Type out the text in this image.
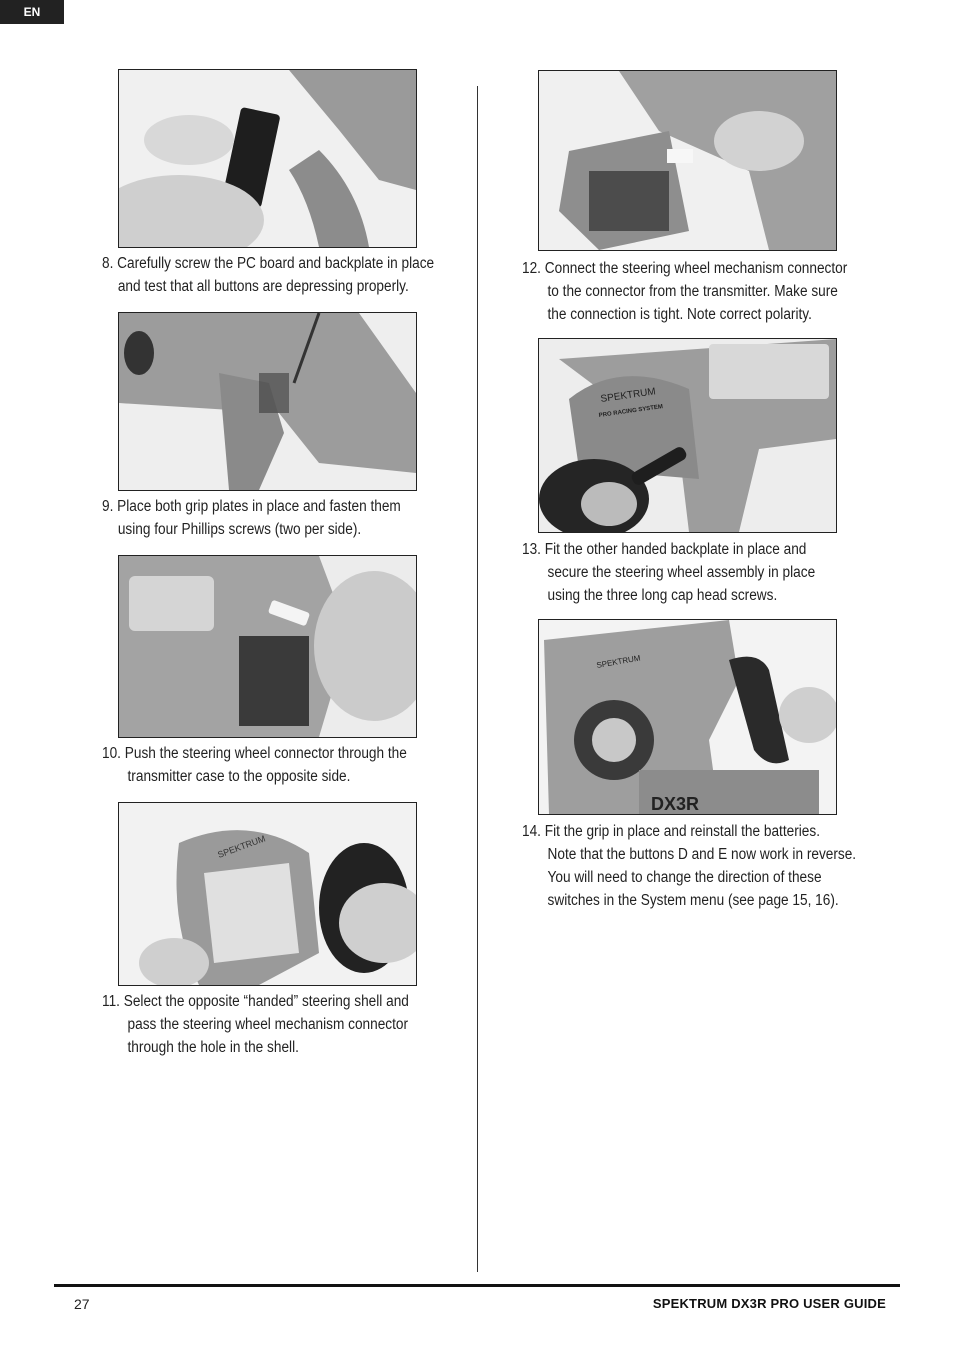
EN
8. Carefully screw the PC board and backplate in place
and test that all buttons are depressing properly.
9. Place both grip plates in place and fasten them
using four Phillips screws (two per side).
10. Push the steering wheel connector through the
transmitter case to the opposite side.
SPEKTRUM
11. Select the opposite “handed” steering shell and
pass the steering wheel mechanism connector
through the hole in the shell.
12. Connect the steering wheel mechanism connector
to the connector from the transmitter. Make sure
the connection is tight. Note correct polarity.
SPEKTRUM
PRO RACING SYSTEM
13. Fit the other handed backplate in place and
secure the steering wheel assembly in place
using the three long cap head screws.
SPEKTRUM
DX3R
14. Fit the grip in place and reinstall the batteries.
Note that the buttons D and E now work in reverse.
You will need to change the direction of these
switches in the System menu (see page 15, 16).
27	SPEKTRUM DX3R PRO USER GUIDE
